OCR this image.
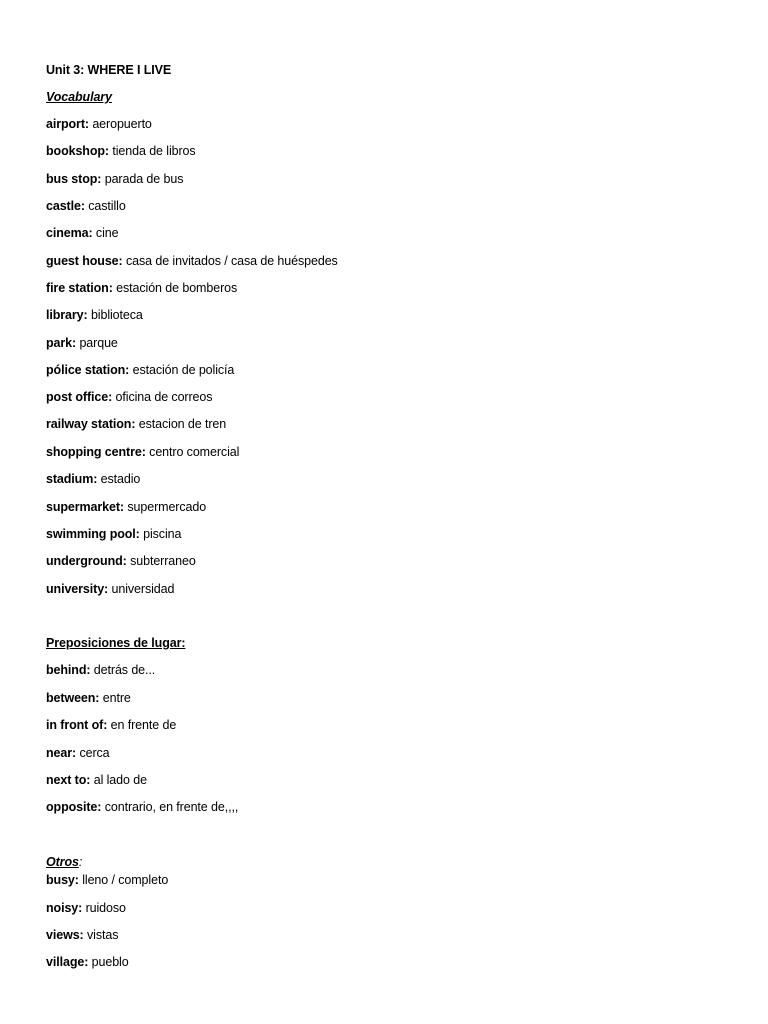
Unit 3: WHERE I LIVE
Vocabulary
airport: aeropuerto
bookshop: tienda de libros
bus stop: parada de bus
castle: castillo
cinema: cine
guest house: casa de invitados / casa de huéspedes
fire station: estación de bomberos
library: biblioteca
park: parque
pólice station: estación de policía
post office: oficina de correos
railway station: estacion de tren
shopping centre: centro comercial
stadium: estadio
supermarket: supermercado
swimming pool: piscina
underground: subterraneo
university: universidad
Preposiciones de lugar:
behind: detrás de...
between: entre
in front of: en frente de
near: cerca
next to: al lado de
opposite: contrario, en frente de,,,,
Otros:
busy: lleno / completo
noisy: ruidoso
views: vistas
village: pueblo
